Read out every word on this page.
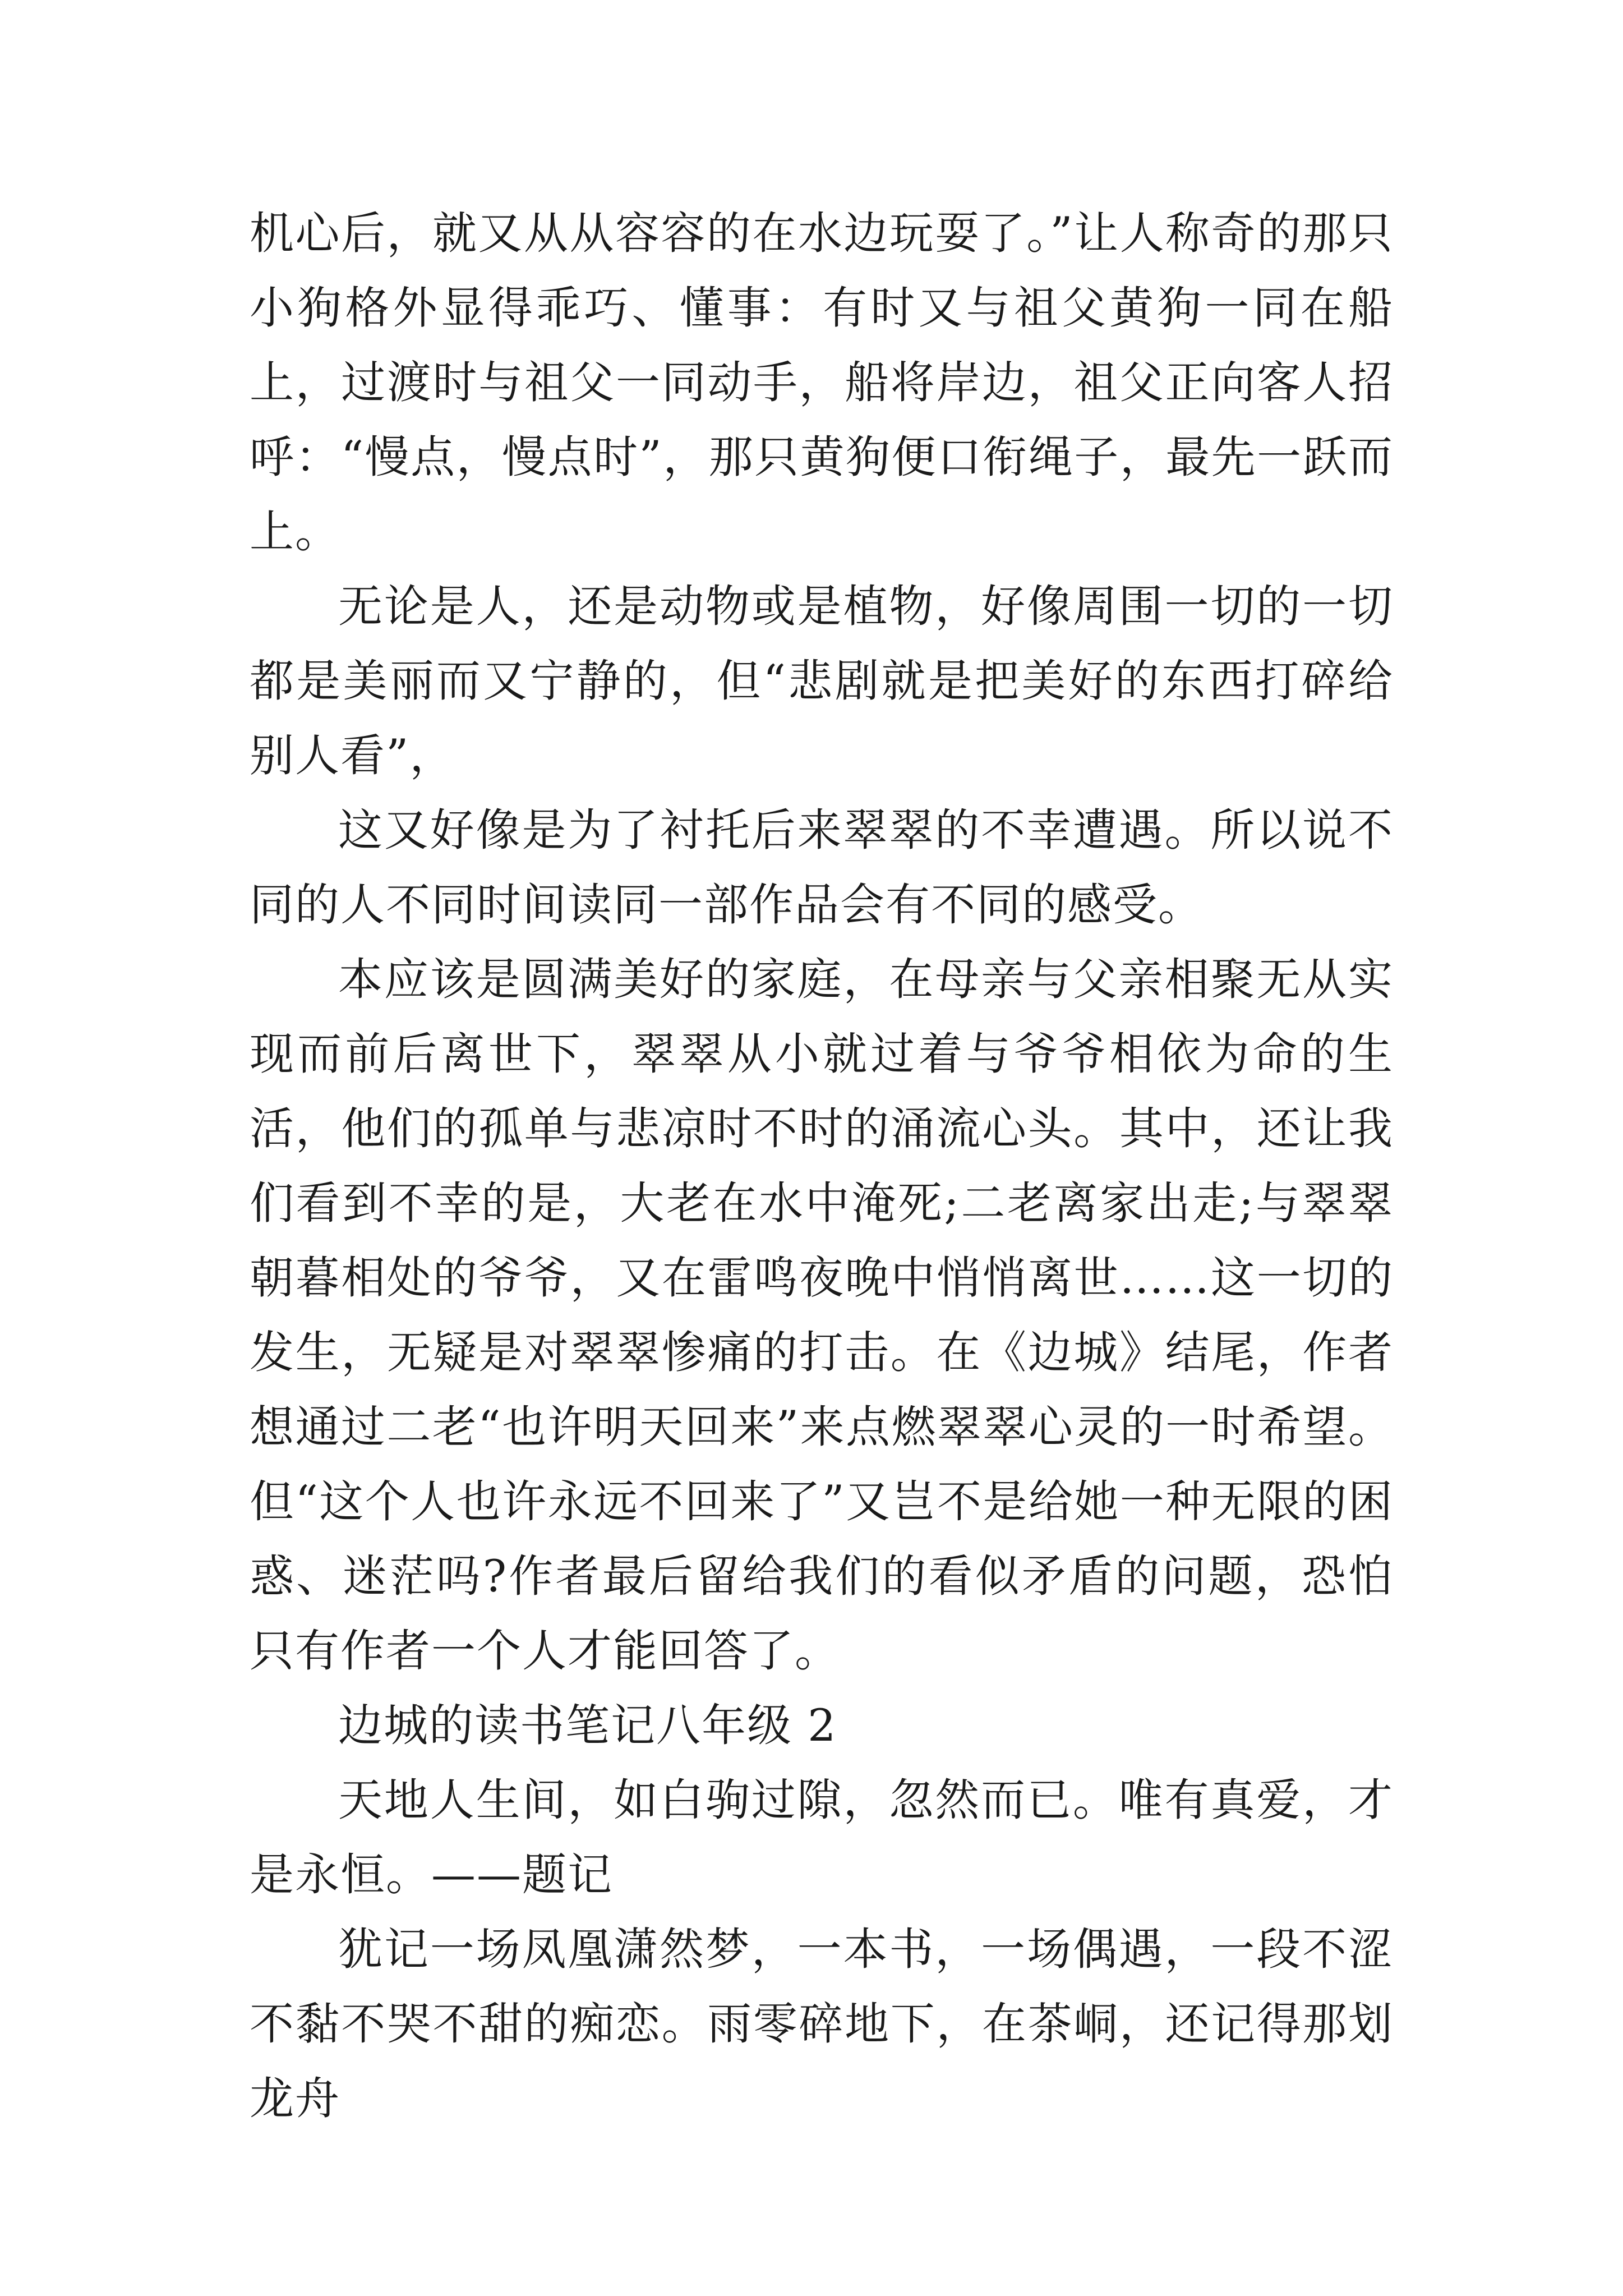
机心后，就又从从容容的在水边玩耍了。”让人称奇的那只小狗格外显得乖巧、懂事：有时又与祖父黄狗一同在船上，过渡时与祖父一同动手，船将岸边，祖父正向客人招呼：“慢点，慢点时”，那只黄狗便口衔绳子，最先一跃而上。

无论是人，还是动物或是植物，好像周围一切的一切都是美丽而又宁静的，但“悲剧就是把美好的东西打碎给别人看”，

这又好像是为了衬托后来翠翠的不幸遭遇。所以说不同的人不同时间读同一部作品会有不同的感受。

本应该是圆满美好的家庭，在母亲与父亲相聚无从实现而前后离世下，翠翠从小就过着与爷爷相依为命的生活，他们的孤单与悲凉时不时的涌流心头。其中，还让我们看到不幸的是，大老在水中淹死;二老离家出走;与翠翠朝暮相处的爷爷，又在雷鸣夜晚中悄悄离世……这一切的发生，无疑是对翠翠惨痛的打击。在《边城》结尾，作者想通过二老“也许明天回来”来点燃翠翠心灵的一时希望。但“这个人也许永远不回来了”又岂不是给她一种无限的困惑、迷茫吗?作者最后留给我们的看似矛盾的问题，恐怕只有作者一个人才能回答了。

边城的读书笔记八年级 2

天地人生间，如白驹过隙，忽然而已。唯有真爱，才是永恒。——题记

犹记一场凤凰潇然梦，一本书，一场偶遇，一段不涩不黏不哭不甜的痴恋。雨零碎地下，在茶峒，还记得那划龙舟
